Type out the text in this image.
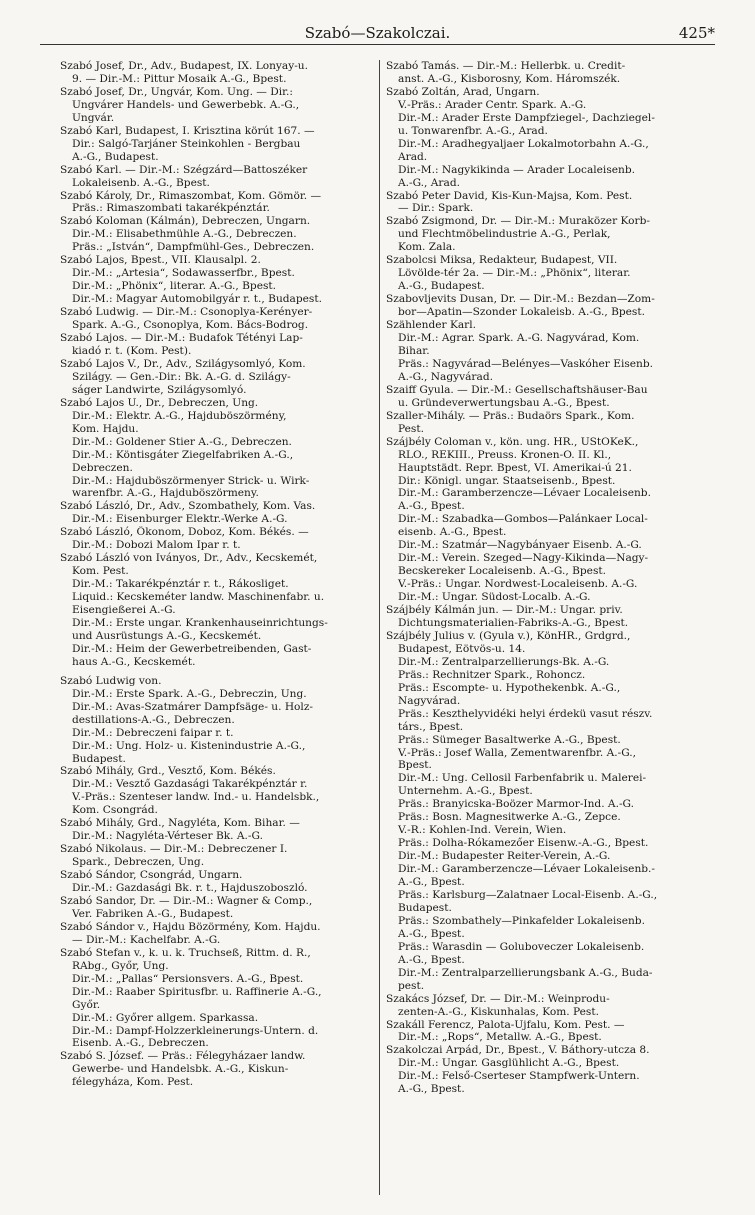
Szabó—Szakolczai.	425*
Szabó Josef, Dr., Adv., Budapest, IX. Lonyay-u.
9. — Dir.-M.: Pittur Mosaik A.-G., Bpest.
Szabó Josef, Dr., Ungvár, Kom. Ung. — Dir.:
Ungvárer Handels- und Gewerbebk. A.-G.,
Ungvár.
Szabó Karl, Budapest, I. Krisztina körút 167. —
Dir.: Salgó-Tarjáner Steinkohlen - Bergbau
A.-G., Budapest.
Szabó Karl. — Dir.-M.: Szégzárd—Battoszéker
Lokaleisenb. A.-G., Bpest.
Szabó Károly, Dr., Rimaszombat, Kom. Gömör. —
Präs.: Rimaszombati takarékpénztár.
Szabó Koloman (Kálmán), Debreczen, Ungarn.
Dir.-M.: Elisabethmühle A.-G., Debreczen.
Präs.: „István“, Dampfmühl-Ges., Debreczen.
Szabó Lajos, Bpest., VII. Klausalpl. 2.
Dir.-M.: „Artesia“, Sodawasserfbr., Bpest.
Dir.-M.: „Phönix“, literar. A.-G., Bpest.
Dir.-M.: Magyar Automobilgyár r. t., Budapest.
Szabó Ludwig. — Dir.-M.: Csonoplya-Kerényer-
Spark. A.-G., Csonoplya, Kom. Bács-Bodrog.
Szabó Lajos. — Dir.-M.: Budafok Tétényi Lap-
kiadó r. t. (Kom. Pest).
Szabó Lajos V., Dr., Adv., Szilágysomlyó, Kom.
Szilágy. — Gen.-Dir.: Bk. A.-G. d. Szilágy-
ságer Landwirte, Szilágysomlyó.
Szabó Lajos U., Dr., Debreczen, Ung.
Dir.-M.: Elektr. A.-G., Hajduböszörmény,
Kom. Hajdu.
Dir.-M.: Goldener Stier A.-G., Debreczen.
Dir.-M.: Köntisgáter Ziegelfabriken A.-G.,
Debreczen.
Dir.-M.: Hajduböszörmenyer Strick- u. Wirk-
warenfbr. A.-G., Hajduböszörmeny.
Szabó László, Dr., Adv., Szombathely, Kom. Vas.
Dir.-M.: Eisenburger Elektr.-Werke A.-G.
Szabó László, Ökonom, Doboz, Kom. Békés. —
Dir.-M.: Dobozi Malom Ipar r. t.
Szabó László von Iványos, Dr., Adv., Kecskemét,
Kom. Pest.
Dir.-M.: Takarékpénztár r. t., Rákosliget.
Liquid.: Kecskeméter landw. Maschinenfabr. u.
Eisengießerei A.-G.
Dir.-M.: Erste ungar. Krankenhauseinrichtungs-
und Ausrüstungs A.-G., Kecskemét.
Dir.-M.: Heim der Gewerbetreibenden, Gast-
haus A.-G., Kecskemét.
Szabó Ludwig von.
Dir.-M.: Erste Spark. A.-G., Debreczin, Ung.
Dir.-M.: Avas-Szatmárer Dampfsäge- u. Holz-
destillations-A.-G., Debreczen.
Dir.-M.: Debreczeni faipar r. t.
Dir.-M.: Ung. Holz- u. Kistenindustrie A.-G.,
Budapest.
Szabó Mihály, Grd., Vesztő, Kom. Békés.
Dir.-M.: Vesztő Gazdasági Takarékpénztár r.
V.-Präs.: Szenteser landw. Ind.- u. Handelsbk.,
Kom. Csongrád.
Szabó Mihály, Grd., Nagyléta, Kom. Bihar. —
Dir.-M.: Nagyléta-Vérteser Bk. A.-G.
Szabó Nikolaus. — Dir.-M.: Debreczener I.
Spark., Debreczen, Ung.
Szabó Sándor, Csongrád, Ungarn.
Dir.-M.: Gazdasági Bk. r. t., Hajduszoboszló.
Szabó Sandor, Dr. — Dir.-M.: Wagner & Comp.,
Ver. Fabriken A.-G., Budapest.
Szabó Sándor v., Hajdu Bözörmény, Kom. Hajdu.
— Dir.-M.: Kachelfabr. A.-G.
Szabó Stefan v., k. u. k. Truchseß, Rittm. d. R.,
RAbg., Győr, Ung.
Dir.-M.: „Pallas“ Persionsvers. A.-G., Bpest.
Dir.-M.: Raaber Spiritusfbr. u. Raffinerie A.-G.,
Győr.
Dir.-M.: Győrer allgem. Sparkassa.
Dir.-M.: Dampf-Holzzerkleinerungs-Untern. d.
Eisenb. A.-G., Debreczen.
Szabó S. József. — Präs.: Félegyházaer landw.
Gewerbe- und Handelsbk. A.-G., Kiskun-
félegyháza, Kom. Pest.
Szabó Tamás. — Dir.-M.: Hellerbk. u. Credit-
anst. A.-G., Kisborosny, Kom. Háromszék.
Szabó Zoltán, Arad, Ungarn.
V.-Präs.: Arader Centr. Spark. A.-G.
Dir.-M.: Arader Erste Dampfziegel-, Dachziegel-
u. Tonwarenfbr. A.-G., Arad.
Dir.-M.: Aradhegyaljaer Lokalmotorbahn A.-G.,
Arad.
Dir.-M.: Nagykikinda — Arader Localeisenb.
A.-G., Arad.
Szabó Peter David, Kis-Kun-Majsa, Kom. Pest.
— Dir.: Spark.
Szabó Zsigmond, Dr. — Dir.-M.: Muraközer Korb-
und Flechtmöbelindustrie A.-G., Perlak,
Kom. Zala.
Szabolcsi Miksa, Redakteur, Budapest, VII.
Lövölde-tér 2a. — Dir.-M.: „Phönix“, literar.
A.-G., Budapest.
Szabovljevits Dusan, Dr. — Dir.-M.: Bezdan—Zom-
bor—Apatin—Szonder Lokaleisb. A.-G., Bpest.
Szählender Karl.
Dir.-M.: Agrar. Spark. A.-G. Nagyvárad, Kom.
Bihar.
Präs.: Nagyvárad—Belényes—Vaskóher Eisenb.
A.-G., Nagyvárad.
Szaiff Gyula. — Dir.-M.: Gesellschaftshäuser-Bau
u. Gründeverwertungsbau A.-G., Bpest.
Szaller-Mihály. — Präs.: Budaörs Spark., Kom.
Pest.
Szájbély Coloman v., kön. ung. HR., UStOKeK.,
RLO., REKIII., Preuss. Kronen-O. II. Kl.,
Hauptstädt. Repr. Bpest, VI. Amerikai-ú 21.
Dir.: Königl. ungar. Staatseisenb., Bpest.
Dir.-M.: Garamberzencze—Lévaer Localeisenb.
A.-G., Bpest.
Dir.-M.: Szabadka—Gombos—Palánkaer Local-
eisenb. A.-G., Bpest.
Dir.-M.: Szatmár—Nagybányaer Eisenb. A.-G.
Dir.-M.: Verein. Szeged—Nagy-Kikinda—Nagy-
Becskereker Localeisenb. A.-G., Bpest.
V.-Präs.: Ungar. Nordwest-Localeisenb. A.-G.
Dir.-M.: Ungar. Südost-Localb. A.-G.
Szájbély Kálmán jun. — Dir.-M.: Ungar. priv.
Dichtungsmaterialien-Fabriks-A.-G., Bpest.
Szájbély Julius v. (Gyula v.), KönHR., Grdgrd.,
Budapest, Eötvös-u. 14.
Dir.-M.: Zentralparzellierungs-Bk. A.-G.
Präs.: Rechnitzer Spark., Rohoncz.
Präs.: Escompte- u. Hypothekenbk. A.-G.,
Nagyvárad.
Präs.: Keszthelyvidéki helyi érdekü vasut részv.
társ., Bpest.
Präs.: Sümeger Basaltwerke A.-G., Bpest.
V.-Präs.: Josef Walla, Zementwarenfbr. A.-G.,
Bpest.
Dir.-M.: Ung. Cellosil Farbenfabrik u. Malerei-
Unternehm. A.-G., Bpest.
Präs.: Branyicska-Boözer Marmor-Ind. A.-G.
Präs.: Bosn. Magnesitwerke A.-G., Zepce.
V.-R.: Kohlen-Ind. Verein, Wien.
Präs.: Dolha-Rókamezőer Eisenw.-A.-G., Bpest.
Dir.-M.: Budapester Reiter-Verein, A.-G.
Dir.-M.: Garamberzencze—Lévaer Lokaleisenb.-
A.-G., Bpest.
Präs.: Karlsburg—Zalatnaer Local-Eisenb. A.-G.,
Budapest.
Präs.: Szombathely—Pinkafelder Lokaleisenb.
A.-G., Bpest.
Präs.: Warasdin — Goluboveczer Lokaleisenb.
A.-G., Bpest.
Dir.-M.: Zentralparzellierungsbank A.-G., Buda-
pest.
Szakács József, Dr. — Dir.-M.: Weinprodu-
zenten-A.-G., Kiskunhalas, Kom. Pest.
Szakáll Ferencz, Palota-Ujfalu, Kom. Pest. —
Dir.-M.: „Rops“, Metallw. A.-G., Bpest.
Szakolczai Arpád, Dr., Bpest., V. Báthory-utcza 8.
Dir.-M.: Ungar. Gasglühlicht A.-G., Bpest.
Dir.-M.: Felső-Cserteser Stampfwerk-Untern.
A.-G., Bpest.
